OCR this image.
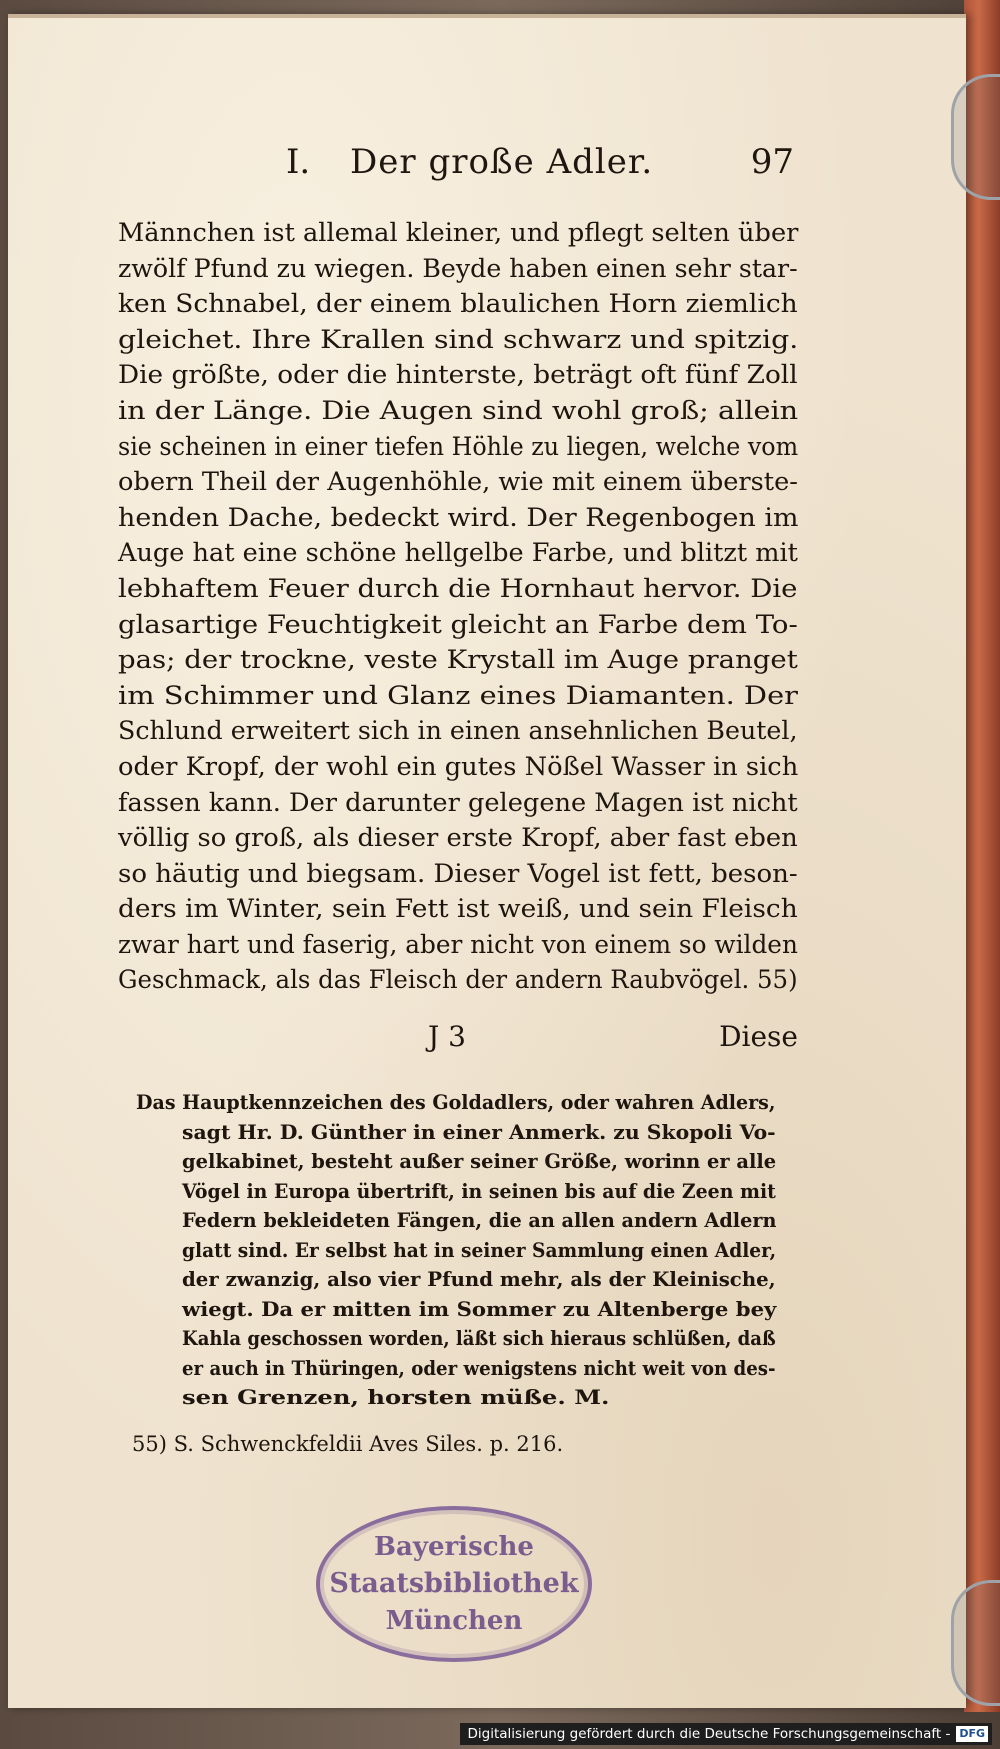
I. Der große Adler.	97
Männchen ist allemal kleiner, und pflegt selten über
zwölf Pfund zu wiegen. Beyde haben einen sehr star-
ken Schnabel, der einem blaulichen Horn ziemlich
gleichet. Ihre Krallen sind schwarz und spitzig.
Die größte, oder die hinterste, beträgt oft fünf Zoll
in der Länge. Die Augen sind wohl groß; allein
sie scheinen in einer tiefen Höhle zu liegen, welche vom
obern Theil der Augenhöhle, wie mit einem überste-
henden Dache, bedeckt wird. Der Regenbogen im
Auge hat eine schöne hellgelbe Farbe, und blitzt mit
lebhaftem Feuer durch die Hornhaut hervor. Die
glasartige Feuchtigkeit gleicht an Farbe dem To-
pas; der trockne, veste Krystall im Auge pranget
im Schimmer und Glanz eines Diamanten. Der
Schlund erweitert sich in einen ansehnlichen Beutel,
oder Kropf, der wohl ein gutes Nößel Wasser in sich
fassen kann. Der darunter gelegene Magen ist nicht
völlig so groß, als dieser erste Kropf, aber fast eben
so häutig und biegsam. Dieser Vogel ist fett, beson-
ders im Winter, sein Fett ist weiß, und sein Fleisch
zwar hart und faserig, aber nicht von einem so wilden
Geschmack, als das Fleisch der andern Raubvögel. 55)
J 3	Diese
Das Hauptkennzeichen des Goldadlers, oder wahren Adlers,
sagt Hr. D. Günther in einer Anmerk. zu Skopoli Vo-
gelkabinet, besteht außer seiner Größe, worinn er alle
Vögel in Europa übertrift, in seinen bis auf die Zeen mit
Federn bekleideten Fängen, die an allen andern Adlern
glatt sind. Er selbst hat in seiner Sammlung einen Adler,
der zwanzig, also vier Pfund mehr, als der Kleinische,
wiegt. Da er mitten im Sommer zu Altenberge bey
Kahla geschossen worden, läßt sich hieraus schlüßen, daß
er auch in Thüringen, oder wenigstens nicht weit von des-
sen Grenzen, horsten müße. M.
55) S. Schwenckfeldii Aves Siles. p. 216.
Bayerische
Staatsbibliothek
München
Digitalisierung gefördert durch die Deutsche Forschungsgemeinschaft - DFG
